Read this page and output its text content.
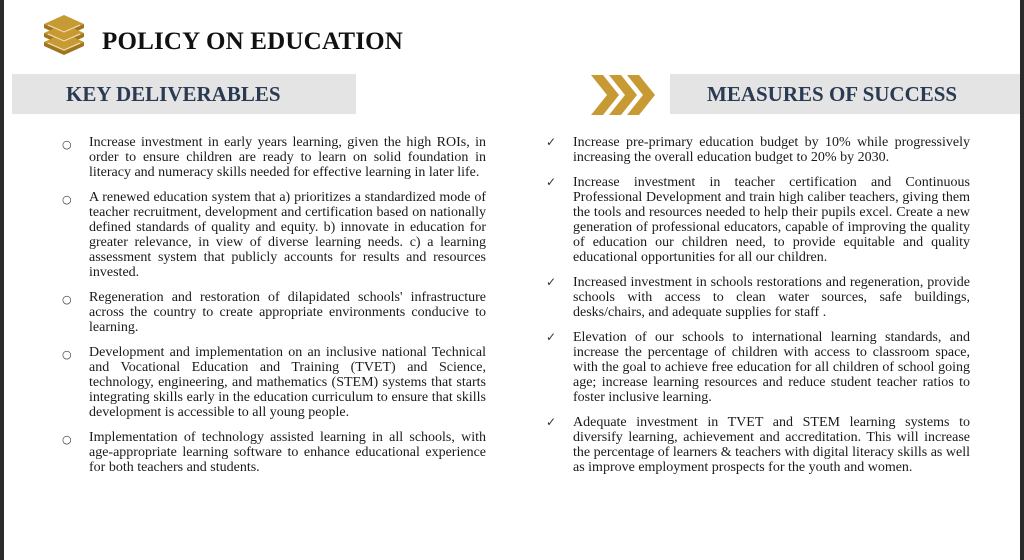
POLICY ON EDUCATION
KEY DELIVERABLES	MEASURES OF SUCCESS
○	Increase investment in early years learning, given the high ROIs, in order to ensure children are ready to learn on solid foundation in literacy and numeracy skills needed for effective learning in later life.
○	A renewed education system that a) prioritizes a standardized mode of teacher recruitment, development and certification based on nationally defined standards of quality and equity. b) innovate in education for greater relevance, in view of diverse learning needs. c) a learning assessment system that publicly accounts for results and resources invested.
○	Regeneration and restoration of dilapidated schools' infrastructure across the country to create appropriate environments conducive to learning.
○	Development and implementation on an inclusive national Technical and Vocational Education and Training (TVET) and Science, technology, engineering, and mathematics (STEM) systems that starts integrating skills early in the education curriculum to ensure that skills development is accessible to all young people.
○	Implementation of technology assisted learning in all schools, with age-appropriate learning software to enhance educational experience for both teachers and students.
✓	Increase pre-primary education budget by 10% while progressively increasing the overall education budget to 20% by 2030.
✓	Increase investment in teacher certification and Continuous Professional Development and train high caliber teachers, giving them the tools and resources needed to help their pupils excel. Create a new generation of professional educators, capable of improving the quality of education our children need, to provide equitable and quality educational opportunities for all our children.
✓	Increased investment in schools restorations and regeneration, provide schools with access to clean water sources, safe buildings, desks/chairs, and adequate supplies for staff .
✓	Elevation of our schools to international learning standards, and increase the percentage of children with access to classroom space, with the goal to achieve free education for all children of school going age; increase learning resources and reduce student teacher ratios to foster inclusive learning.
✓	Adequate investment in TVET and STEM learning systems to diversify learning, achievement and accreditation. This will increase the percentage of learners & teachers with digital literacy skills as well as improve employment prospects for the youth and women.
